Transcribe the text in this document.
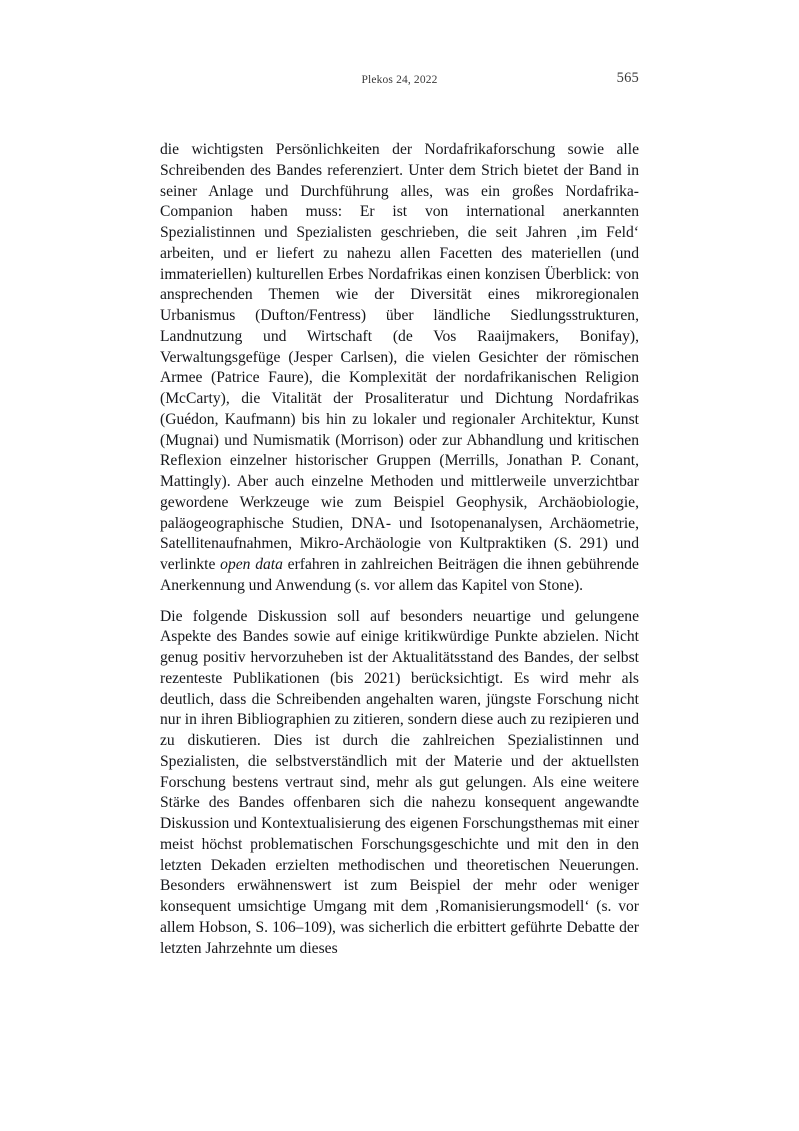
Plekos 24, 2022	565

die wichtigsten Persönlichkeiten der Nordafrikaforschung sowie alle Schreibenden des Bandes referenziert. Unter dem Strich bietet der Band in seiner Anlage und Durchführung alles, was ein großes Nordafrika-Companion haben muss: Er ist von international anerkannten Spezialistinnen und Spezialisten geschrieben, die seit Jahren ‚im Feld‘ arbeiten, und er liefert zu nahezu allen Facetten des materiellen (und immateriellen) kulturellen Erbes Nordafrikas einen konzisen Überblick: von ansprechenden Themen wie der Diversität eines mikroregionalen Urbanismus (Dufton/Fentress) über ländliche Siedlungsstrukturen, Landnutzung und Wirtschaft (de Vos Raaijmakers, Bonifay), Verwaltungsgefüge (Jesper Carlsen), die vielen Gesichter der römischen Armee (Patrice Faure), die Komplexität der nordafrikanischen Religion (McCarty), die Vitalität der Prosaliteratur und Dichtung Nordafrikas (Guédon, Kaufmann) bis hin zu lokaler und regionaler Architektur, Kunst (Mugnai) und Numismatik (Morrison) oder zur Abhandlung und kritischen Reflexion einzelner historischer Gruppen (Merrills, Jonathan P. Conant, Mattingly). Aber auch einzelne Methoden und mittlerweile unverzichtbar gewordene Werkzeuge wie zum Beispiel Geophysik, Archäobiologie, paläogeographische Studien, DNA- und Isotopenanalysen, Archäometrie, Satellitenaufnahmen, Mikro-Archäologie von Kultpraktiken (S. 291) und verlinkte open data erfahren in zahlreichen Beiträgen die ihnen gebührende Anerkennung und Anwendung (s. vor allem das Kapitel von Stone).

Die folgende Diskussion soll auf besonders neuartige und gelungene Aspekte des Bandes sowie auf einige kritikwürdige Punkte abzielen. Nicht genug positiv hervorzuheben ist der Aktualitätsstand des Bandes, der selbst rezenteste Publikationen (bis 2021) berücksichtigt. Es wird mehr als deutlich, dass die Schreibenden angehalten waren, jüngste Forschung nicht nur in ihren Bibliographien zu zitieren, sondern diese auch zu rezipieren und zu diskutieren. Dies ist durch die zahlreichen Spezialistinnen und Spezialisten, die selbstverständlich mit der Materie und der aktuellsten Forschung bestens vertraut sind, mehr als gut gelungen. Als eine weitere Stärke des Bandes offenbaren sich die nahezu konsequent angewandte Diskussion und Kontextualisierung des eigenen Forschungsthemas mit einer meist höchst problematischen Forschungsgeschichte und mit den in den letzten Dekaden erzielten methodischen und theoretischen Neuerungen. Besonders erwähnenswert ist zum Beispiel der mehr oder weniger konsequent umsichtige Umgang mit dem ‚Romanisierungsmodell‘ (s. vor allem Hobson, S. 106–109), was sicherlich die erbittert geführte Debatte der letzten Jahrzehnte um dieses
